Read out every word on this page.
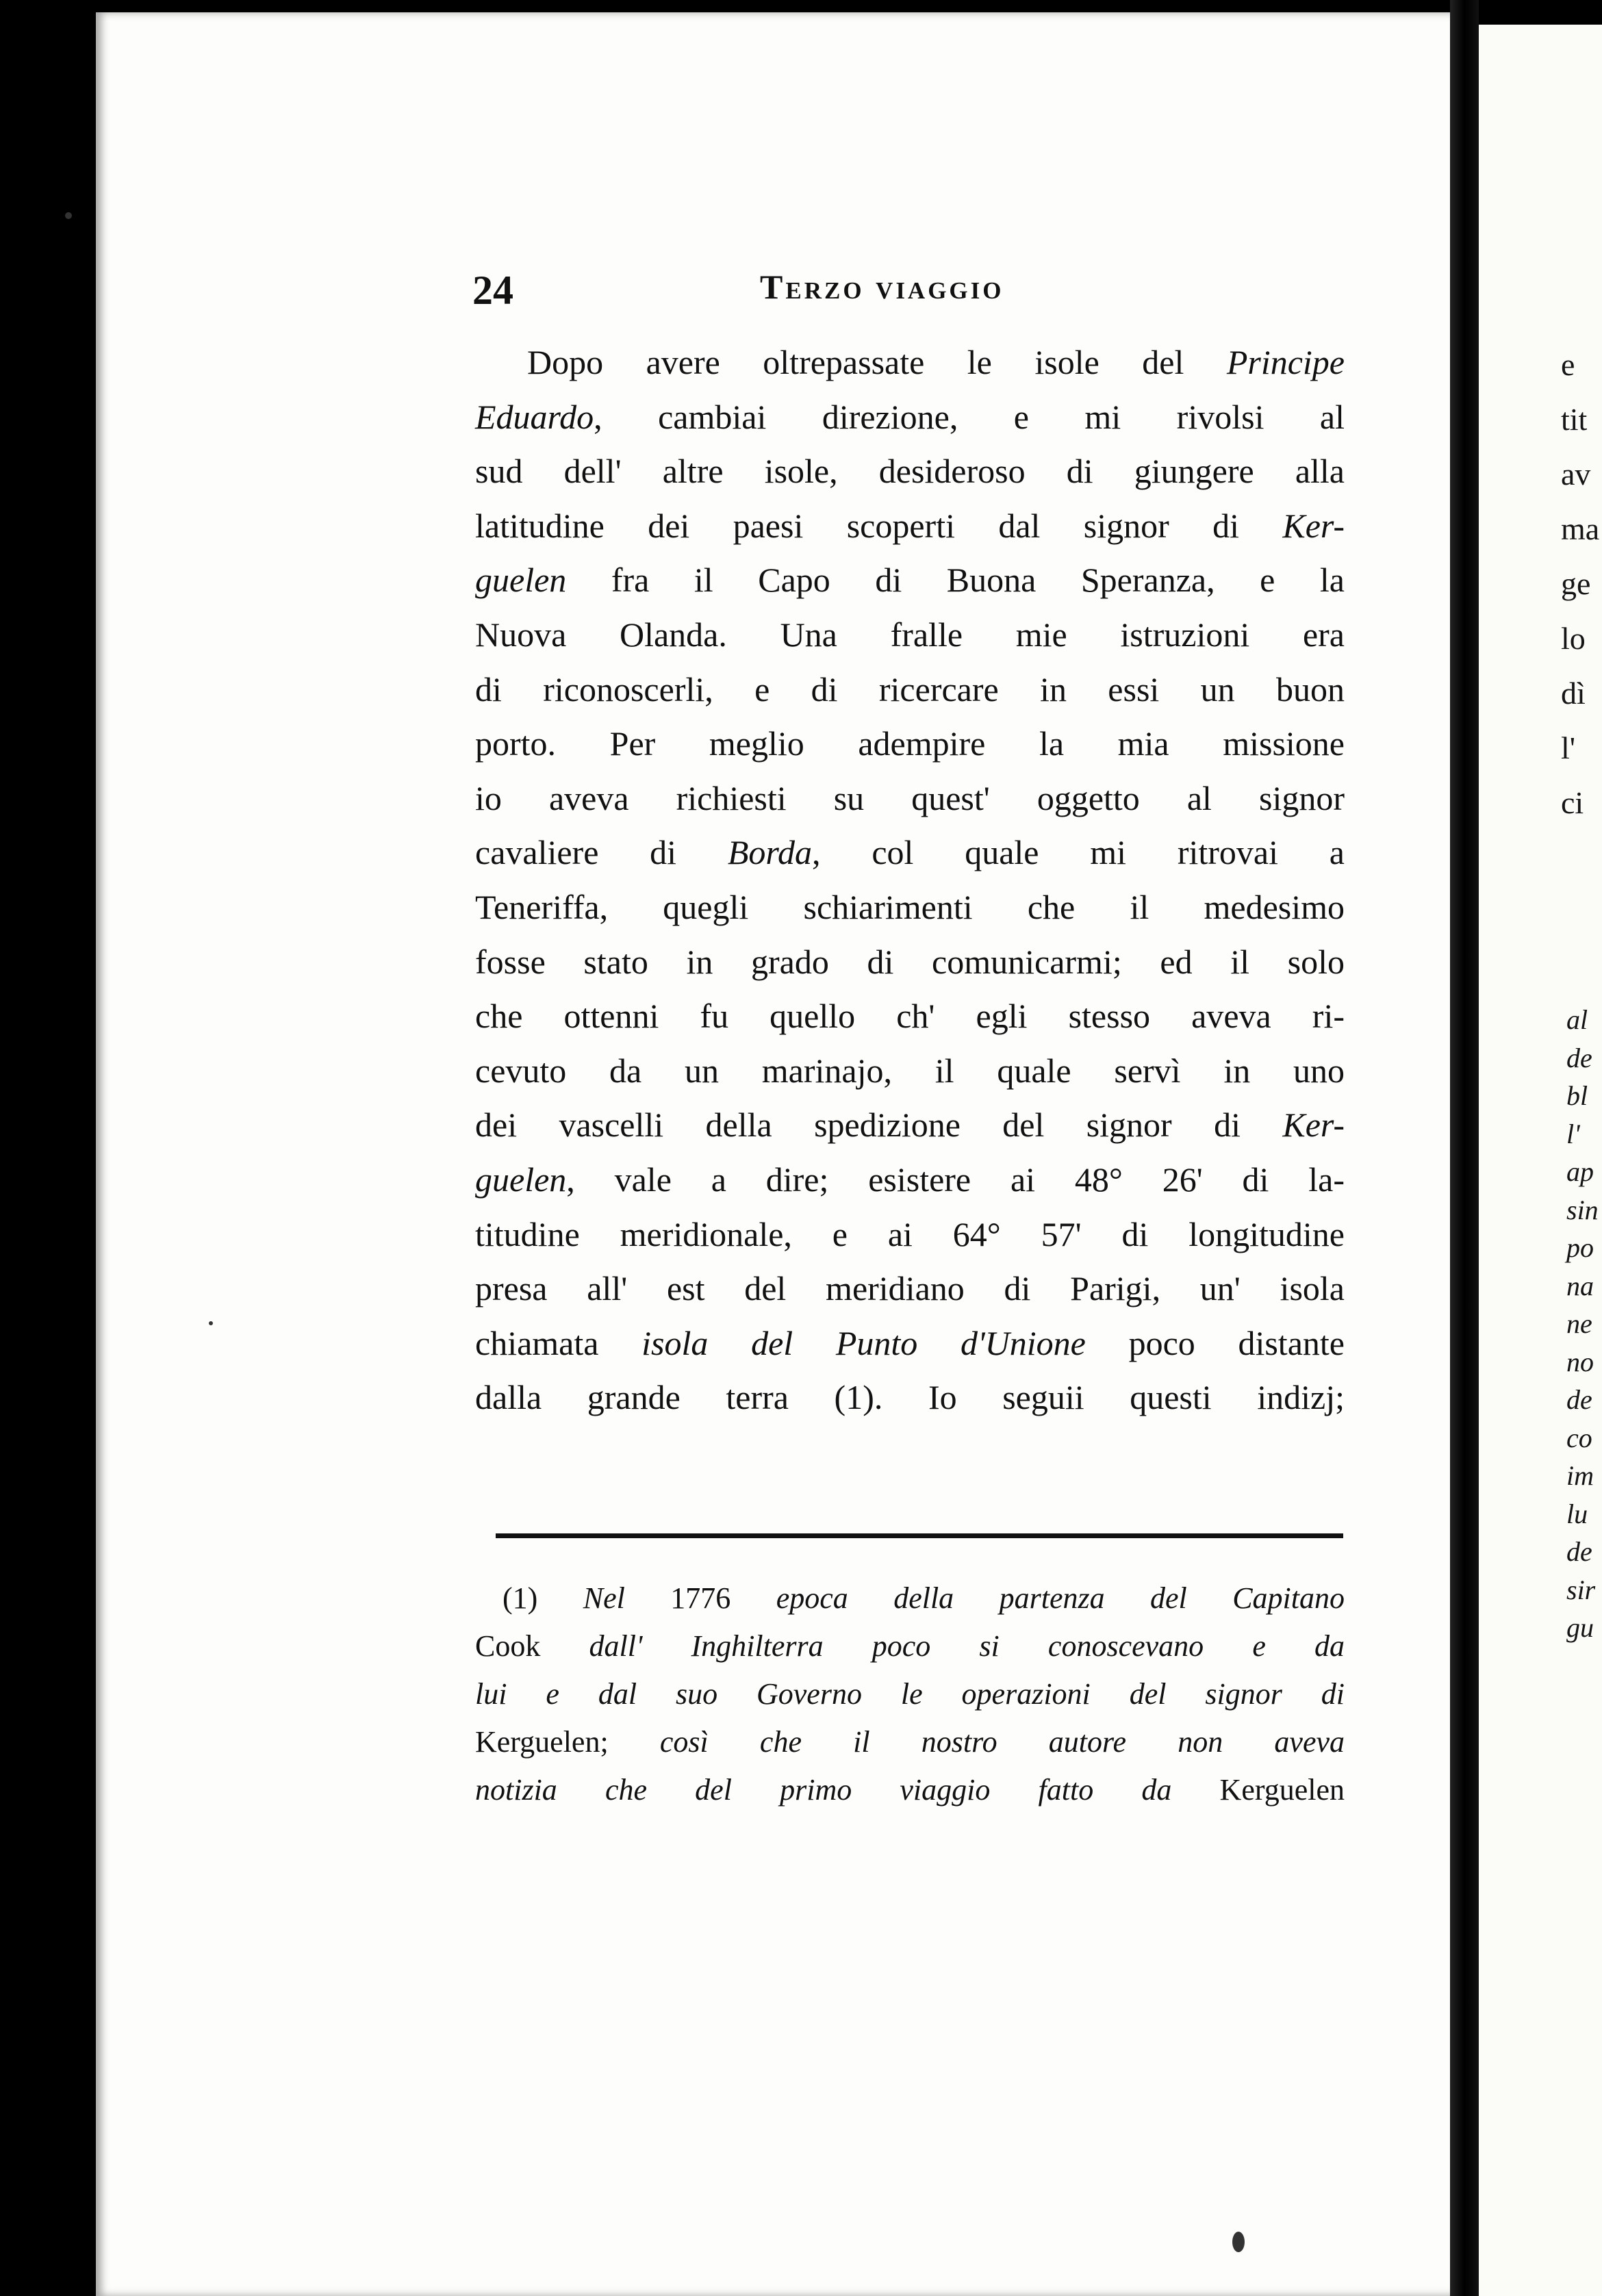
24	Terzo viaggio
Dopo avere oltrepassate le isole del Principe
Eduardo, cambiai direzione, e mi rivolsi al
sud dell' altre isole, desideroso di giungere alla
latitudine dei paesi scoperti dal signor di Ker-
guelen fra il Capo di Buona Speranza, e la
Nuova Olanda. Una fralle mie istruzioni era
di riconoscerli, e di ricercare in essi un buon
porto. Per meglio adempire la mia missione
io aveva richiesti su quest' oggetto al signor
cavaliere di Borda, col quale mi ritrovai a
Teneriffa, quegli schiarimenti che il medesimo
fosse stato in grado di comunicarmi; ed il solo
che ottenni fu quello ch' egli stesso aveva ri-
cevuto da un marinajo, il quale servì in uno
dei vascelli della spedizione del signor di Ker-
guelen, vale a dire; esistere ai 48° 26' di la-
titudine meridionale, e ai 64° 57' di longitudine
presa all' est del meridiano di Parigi, un' isola
chiamata isola del Punto d'Unione poco distante
dalla grande terra (1). Io seguii questi indizj;
(1) Nel 1776 epoca della partenza del Capitano
Cook dall' Inghilterra poco si conoscevano e da
lui e dal suo Governo le operazioni del signor di
Kerguelen; così che il nostro autore non aveva
notizia che del primo viaggio fatto da Kerguelen
e
tit
av
ma
ge
lo
dì
l'
ci
al
de
bl
l'
ap
sin
po
na
ne
no
de
co
im
lu
de
sir
gu
